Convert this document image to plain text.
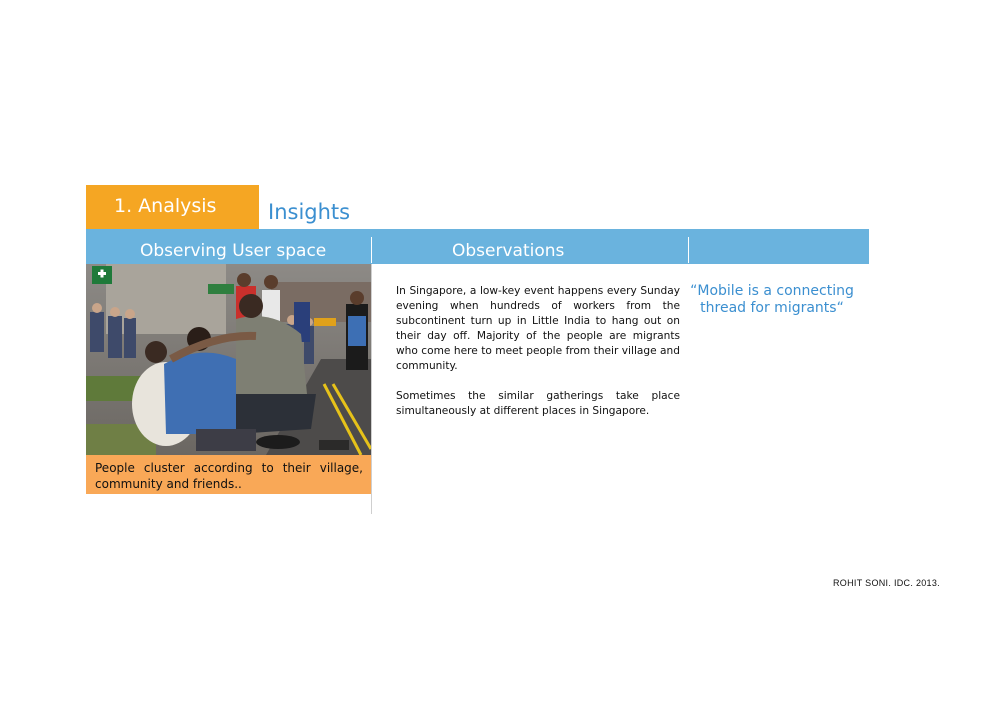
1. Analysis	Insights
Observing User space	Observations
People cluster according to their village, community and friends..

In Singapore, a low-key event happens every Sunday evening when hundreds of workers from the subcontinent turn up in Little India to hang out on their day off. Majority of the people are migrants who come here to meet people from their village and community.

Sometimes the similar gatherings take place simultaneously at different places in Singapore.

“Mobile is a connecting thread for migrants“
ROHIT SONI. IDC. 2013.
